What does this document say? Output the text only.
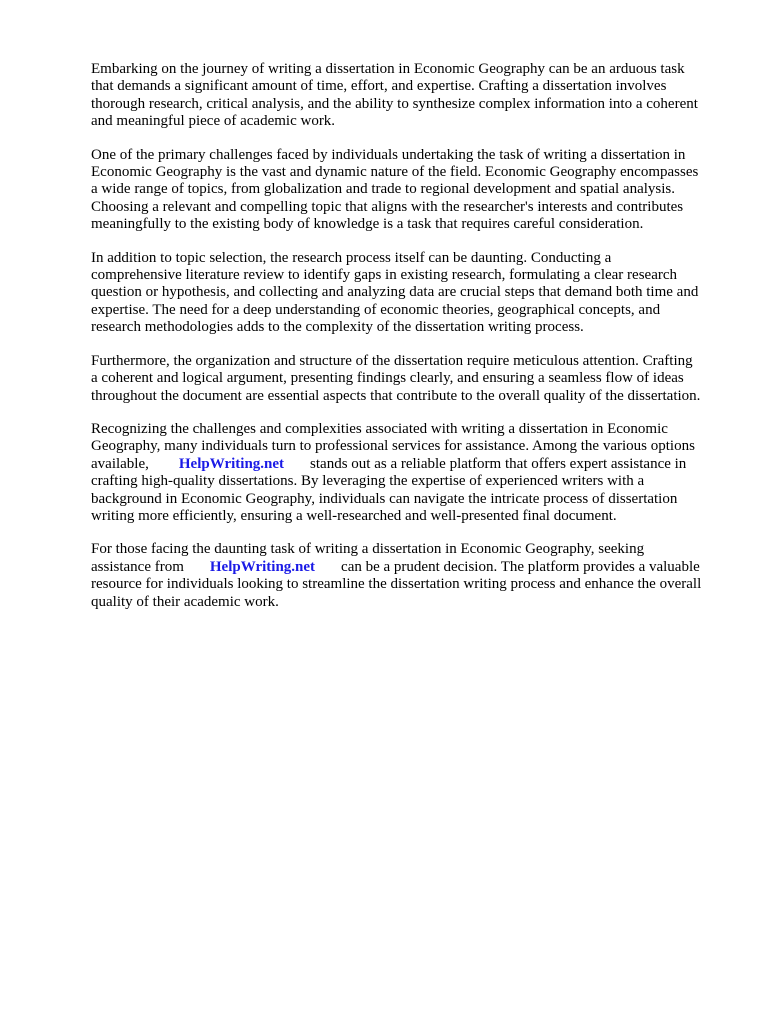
Embarking on the journey of writing a dissertation in Economic Geography can be an arduous task
that demands a significant amount of time, effort, and expertise. Crafting a dissertation involves
thorough research, critical analysis, and the ability to synthesize complex information into a coherent
and meaningful piece of academic work.

One of the primary challenges faced by individuals undertaking the task of writing a dissertation in
Economic Geography is the vast and dynamic nature of the field. Economic Geography encompasses
a wide range of topics, from globalization and trade to regional development and spatial analysis.
Choosing a relevant and compelling topic that aligns with the researcher's interests and contributes
meaningfully to the existing body of knowledge is a task that requires careful consideration.

In addition to topic selection, the research process itself can be daunting. Conducting a
comprehensive literature review to identify gaps in existing research, formulating a clear research
question or hypothesis, and collecting and analyzing data are crucial steps that demand both time and
expertise. The need for a deep understanding of economic theories, geographical concepts, and
research methodologies adds to the complexity of the dissertation writing process.

Furthermore, the organization and structure of the dissertation require meticulous attention. Crafting
a coherent and logical argument, presenting findings clearly, and ensuring a seamless flow of ideas
throughout the document are essential aspects that contribute to the overall quality of the dissertation.

Recognizing the challenges and complexities associated with writing a dissertation in Economic
Geography, many individuals turn to professional services for assistance. Among the various options
available, HelpWriting.net stands out as a reliable platform that offers expert assistance in
crafting high-quality dissertations. By leveraging the expertise of experienced writers with a
background in Economic Geography, individuals can navigate the intricate process of dissertation
writing more efficiently, ensuring a well-researched and well-presented final document.

For those facing the daunting task of writing a dissertation in Economic Geography, seeking
assistance from HelpWriting.net can be a prudent decision. The platform provides a valuable
resource for individuals looking to streamline the dissertation writing process and enhance the overall
quality of their academic work.
